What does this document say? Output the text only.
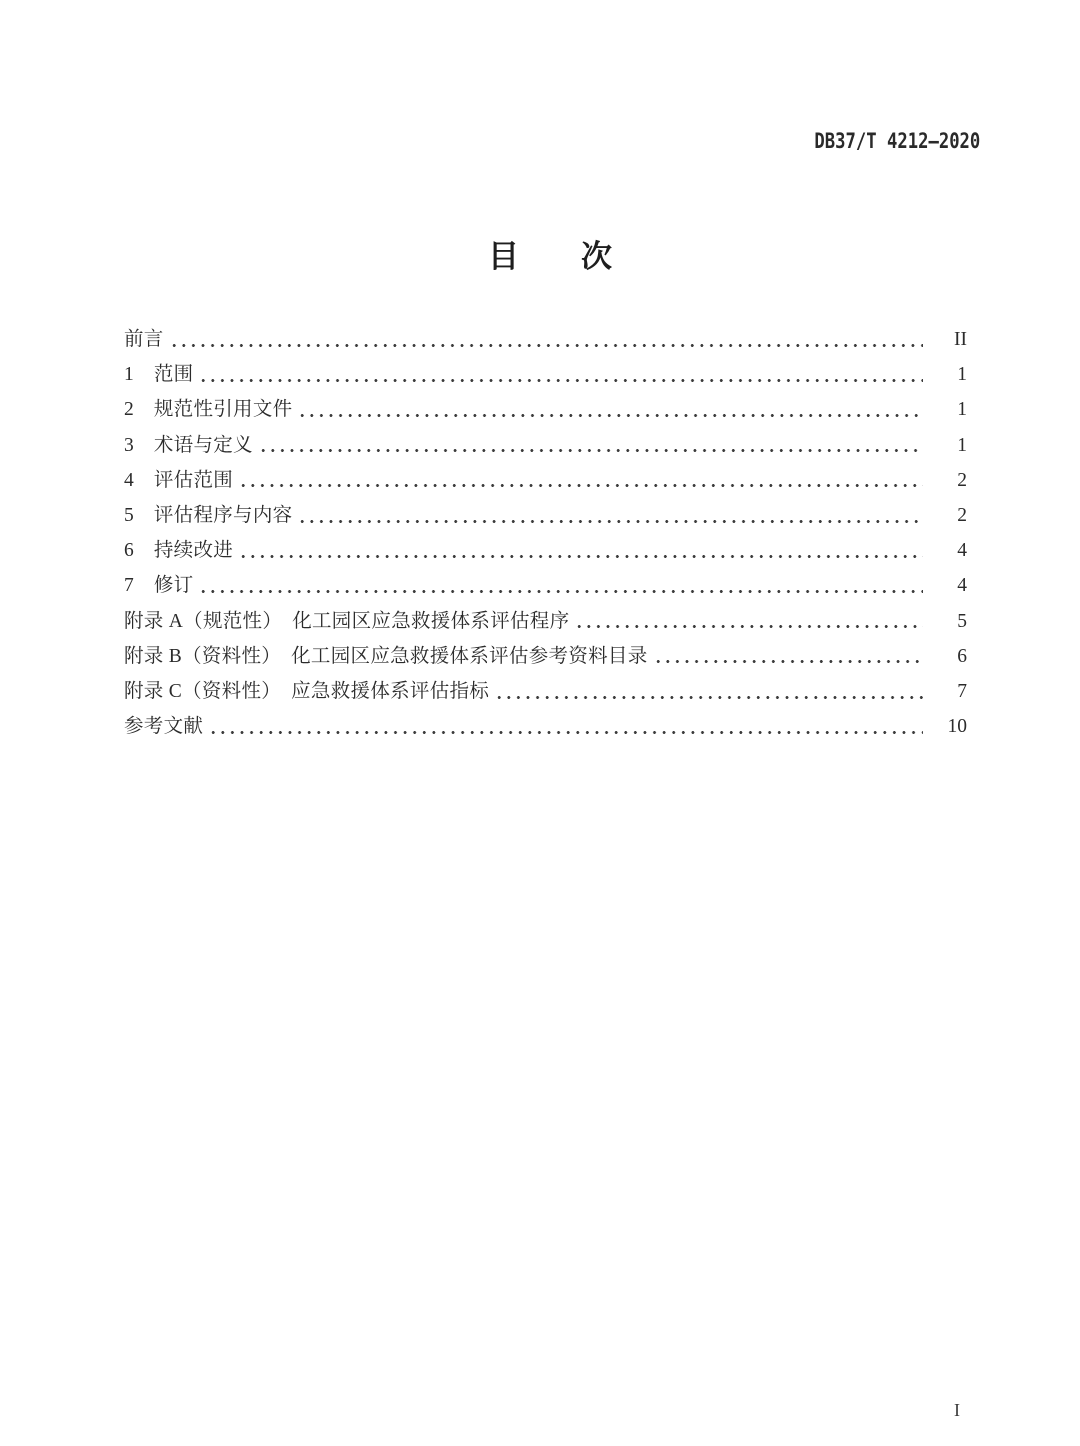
DB37/T 4212—2020
目　　次
前言	II
1　范围	1
2　规范性引用文件	1
3　术语与定义	1
4　评估范围	2
5　评估程序与内容	2
6　持续改进	4
7　修订	4
附录 A（规范性）　化工园区应急救援体系评估程序	5
附录 B（资料性）　化工园区应急救援体系评估参考资料目录	6
附录 C（资料性）　应急救援体系评估指标	7
参考文献	10
I
